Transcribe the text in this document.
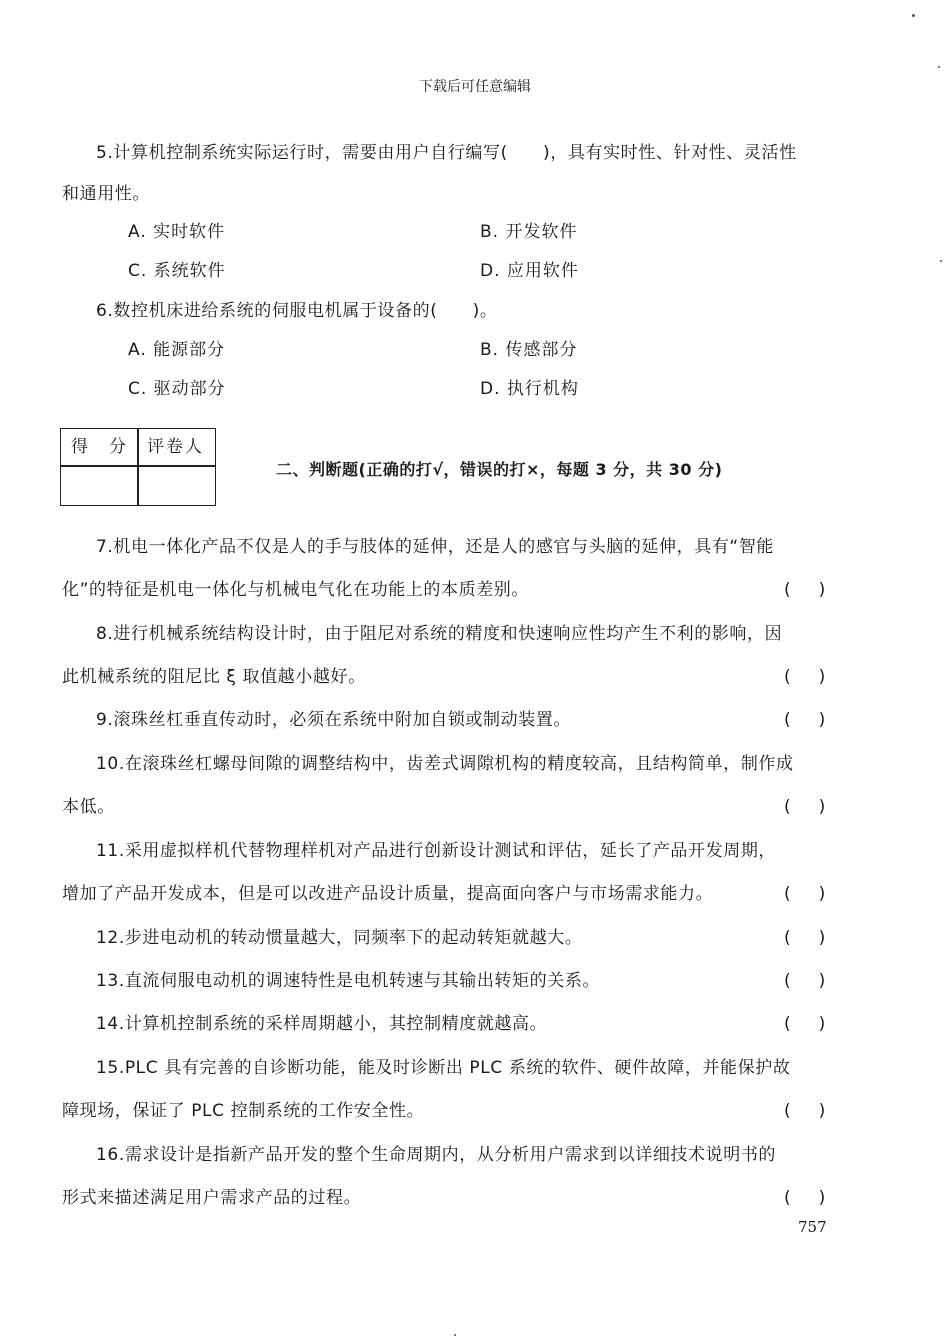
下载后可任意编辑
5.计算机控制系统实际运行时，需要由用户自行编写(　　)，具有实时性、针对性、灵活性
和通用性。
A. 实时软件	B. 开发软件
C. 系统软件	D. 应用软件
6.数控机床进给系统的伺服电机属于设备的(　　)。
A. 能源部分	B. 传感部分
C. 驱动部分	D. 执行机构
得　分 评卷人
二、判断题(正确的打√，错误的打×，每题 3 分，共 30 分)
7.机电一体化产品不仅是人的手与肢体的延伸，还是人的感官与头脑的延伸，具有“智能
化”的特征是机电一体化与机械电气化在功能上的本质差别。	()
8.进行机械系统结构设计时，由于阻尼对系统的精度和快速响应性均产生不利的影响，因
此机械系统的阻尼比 ξ 取值越小越好。	()
9.滚珠丝杠垂直传动时，必须在系统中附加自锁或制动装置。	()
10.在滚珠丝杠螺母间隙的调整结构中，齿差式调隙机构的精度较高，且结构简单，制作成
本低。	()
11.采用虚拟样机代替物理样机对产品进行创新设计测试和评估，延长了产品开发周期，
增加了产品开发成本，但是可以改进产品设计质量，提高面向客户与市场需求能力。	()
12.步进电动机的转动惯量越大，同频率下的起动转矩就越大。	()
13.直流伺服电动机的调速特性是电机转速与其输出转矩的关系。	()
14.计算机控制系统的采样周期越小，其控制精度就越高。	()
15.PLC 具有完善的自诊断功能，能及时诊断出 PLC 系统的软件、硬件故障，并能保护故
障现场，保证了 PLC 控制系统的工作安全性。	()
16.需求设计是指新产品开发的整个生命周期内，从分析用户需求到以详细技术说明书的
形式来描述满足用户需求产品的过程。	()
757
